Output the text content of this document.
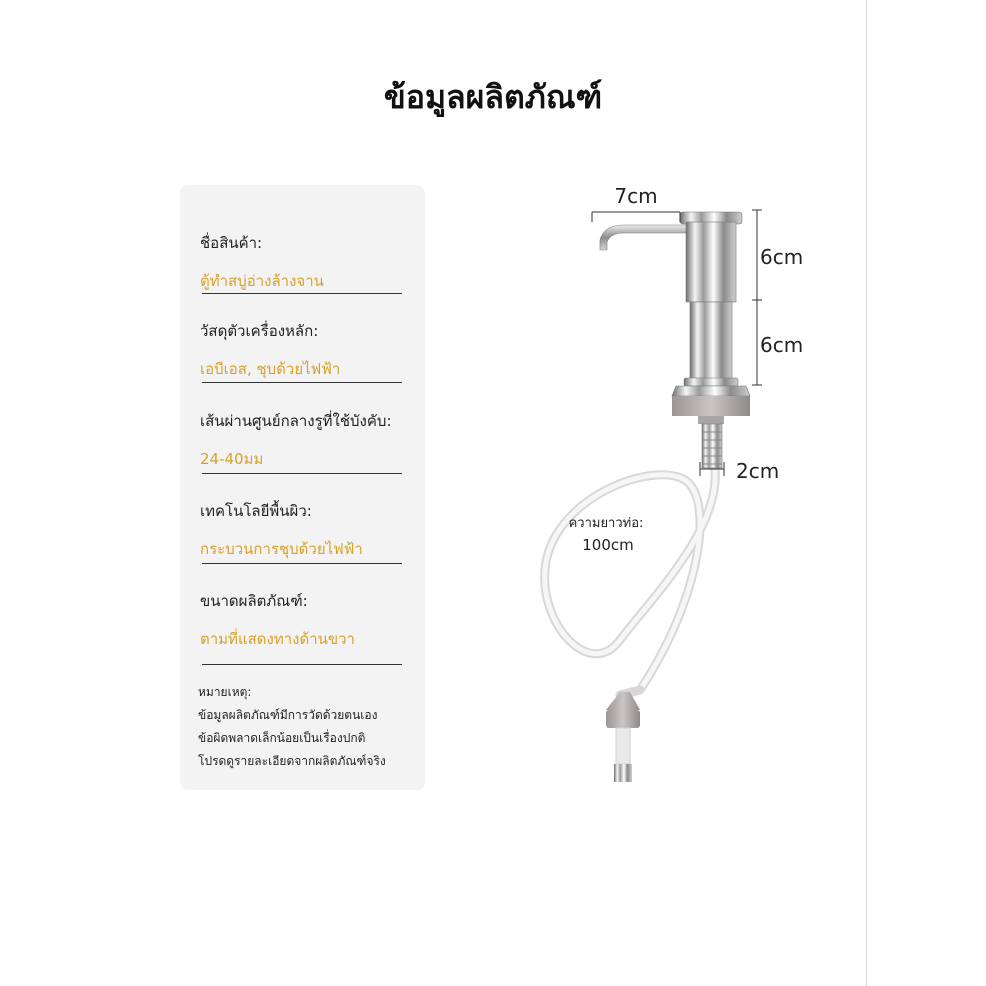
ข้อมูลผลิตภัณฑ์
ชื่อสินค้า:
ตู้ทำสบู่อ่างล้างจาน
วัสดุตัวเครื่องหลัก:
เอบีเอส, ชุบด้วยไฟฟ้า
เส้นผ่านศูนย์กลางรูที่ใช้บังคับ:
24-40มม
เทคโนโลยีพื้นผิว:
กระบวนการชุบด้วยไฟฟ้า
ขนาดผลิตภัณฑ์:
ตามที่แสดงทางด้านขวา
หมายเหตุ:
ข้อมูลผลิตภัณฑ์มีการวัดด้วยตนเอง
ข้อผิดพลาดเล็กน้อยเป็นเรื่องปกติ
โปรดดูรายละเอียดจากผลิตภัณฑ์จริง
7cm
6cm
6cm
2cm
ความยาวท่อ:
100cm
